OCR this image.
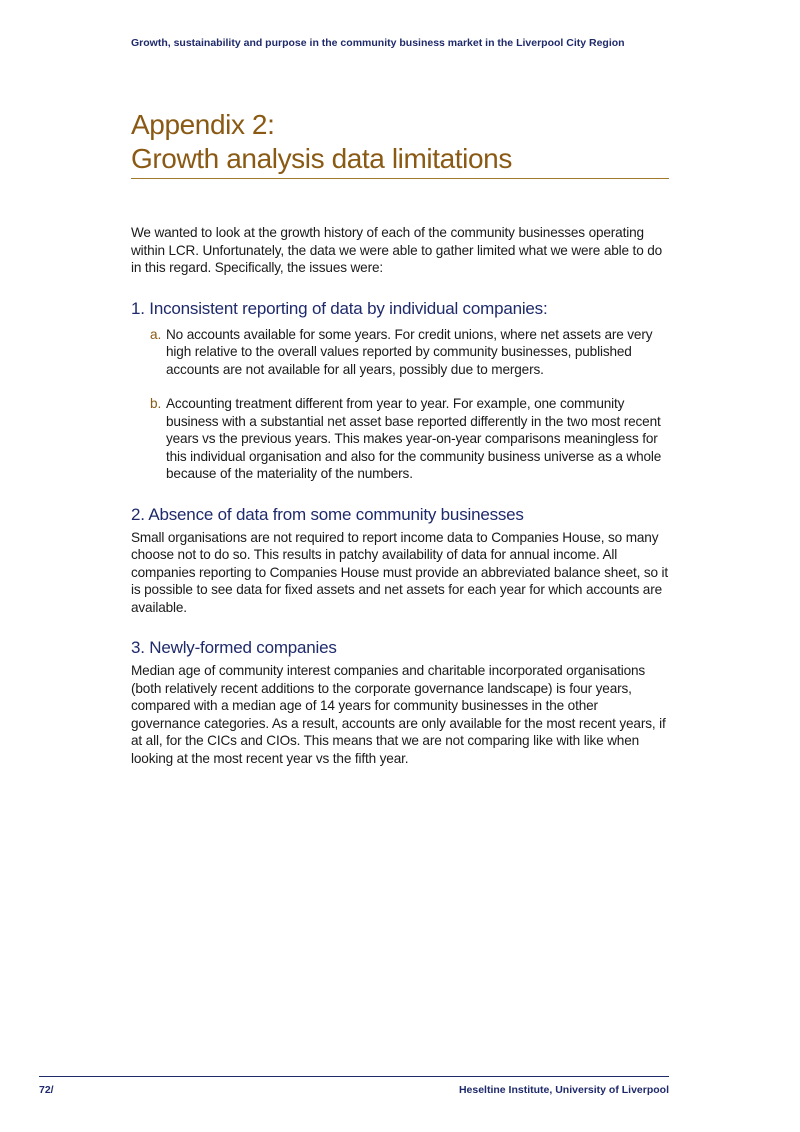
Growth, sustainability and purpose in the community business market in the Liverpool City Region
Appendix 2:
Growth analysis data limitations

We wanted to look at the growth history of each of the community businesses operating within LCR. Unfortunately, the data we were able to gather limited what we were able to do in this regard. Specifically, the issues were:

1. Inconsistent reporting of data by individual companies:
a. No accounts available for some years. For credit unions, where net assets are very high relative to the overall values reported by community businesses, published accounts are not available for all years, possibly due to mergers.

b. Accounting treatment different from year to year. For example, one community business with a substantial net asset base reported differently in the two most recent years vs the previous years. This makes year-on-year comparisons meaningless for this individual organisation and also for the community business universe as a whole because of the materiality of the numbers.

2. Absence of data from some community businesses

Small organisations are not required to report income data to Companies House, so many choose not to do so. This results in patchy availability of data for annual income. All companies reporting to Companies House must provide an abbreviated balance sheet, so it is possible to see data for fixed assets and net assets for each year for which accounts are available.

3. Newly-formed companies

Median age of community interest companies and charitable incorporated organisations (both relatively recent additions to the corporate governance landscape) is four years, compared with a median age of 14 years for community businesses in the other governance categories. As a result, accounts are only available for the most recent years, if at all, for the CICs and CIOs. This means that we are not comparing like with like when looking at the most recent year vs the fifth year.

72/	Heseltine Institute, University of Liverpool
